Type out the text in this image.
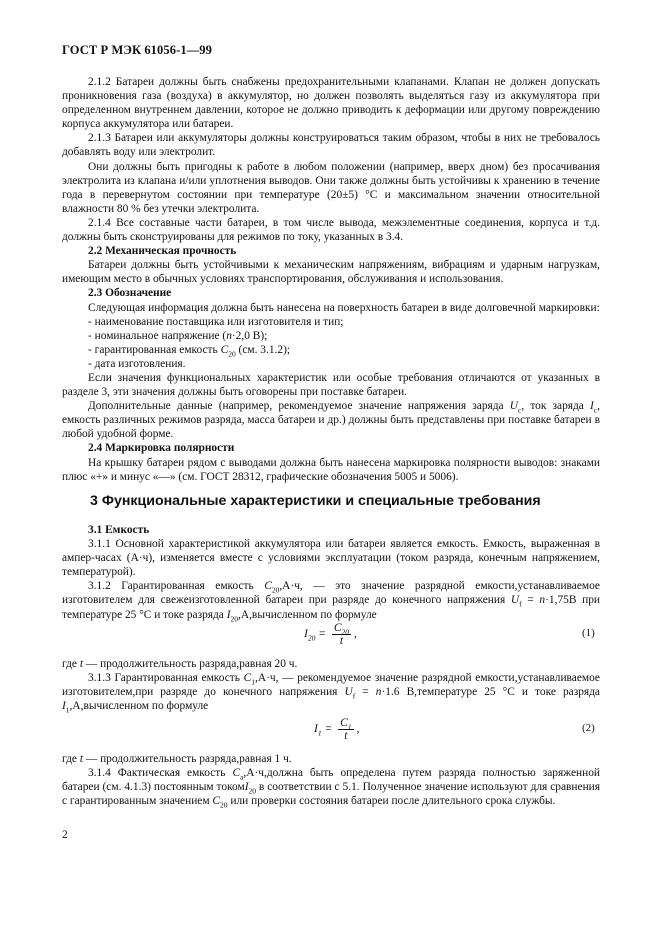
ГОСТ Р МЭК 61056-1—99

2.1.2 Батареи должны быть снабжены предохранительными клапанами. Клапан не должен допускать проникновения газа (воздуха) в аккумулятор, но должен позволять выделяться газу из аккумулятора при определенном внутреннем давлении, которое не должно приводить к деформации или другому повреждению корпуса аккумулятора или батареи.

2.1.3 Батареи или аккумуляторы должны конструироваться таким образом, чтобы в них не требовалось добавлять воду или электролит.

Они должны быть пригодны к работе в любом положении (например, вверх дном) без просачивания электролита из клапана и/или уплотнения выводов. Они также должны быть устойчивы к хранению в течение года в перевернутом состоянии при температуре (20±5) °C и максимальном значении относительной влажности 80 % без утечки электролита.

2.1.4 Все составные части батареи, в том числе вывода, межэлементные соединения, корпуса и т.д. должны быть сконструированы для режимов по току, указанных в 3.4.

2.2 Механическая прочность

Батареи должны быть устойчивыми к механическим напряжениям, вибрациям и ударным нагрузкам, имеющим место в обычных условиях транспортирования, обслуживания и использования.

2.3 Обозначение

Следующая информация должна быть нанесена на поверхность батареи в виде долговечной маркировки:

- наименование поставщика или изготовителя и тип;

- номинальное напряжение (n·2,0 В);

- гарантированная емкость $C_{20}$ (см. 3.1.2);

- дата изготовления.

Если значения функциональных характеристик или особые требования отличаются от указанных в разделе 3, эти значения должны быть оговорены при поставке батареи.

Дополнительные данные (например, рекомендуемое значение напряжения заряда $U_c$, ток заряда $I_c$, емкость различных режимов разряда, масса батареи и др.) должны быть представлены при поставке батареи в любой удобной форме.

2.4 Маркировка полярности

На крышку батареи рядом с выводами должна быть нанесена маркировка полярности выводов: знаками плюс «+» и минус «—» (см. ГОСТ 28312, графические обозначения 5005 и 5006).

3 Функциональные характеристики и специальные требования

3.1 Емкость

3.1.1 Основной характеристикой аккумулятора или батареи является емкость. Емкость, выраженная в ампер-часах (А·ч), изменяется вместе с условиями эксплуатации (током разряда, конечным напряжением, температурой).

3.1.2 Гарантированная емкость $C_{20},А\cdot ч$, — это значение разрядной емкости,устанавливаемое изготовителем для свежеизготовленной батареи при разряде до конечного напряжения $U_f = n\cdot 1,75В$ при температуре 25 °C и токе разряда $I_{20},А,вычисленном$ по формуле

$I_{20} = \frac{C_{20}}{t}$ ,	(1)

где t — продолжительность разряда,равная 20 ч.

3.1.3 Гарантированная емкость $C_1,А\cdot ч$, — рекомендуемое значение разрядной емкости,устанавливаемое изготовителем,при разряде до конечного напряжения $U_f = n\cdot 1.6$ В,температуре 25 °C и токе разряда $I_1,А,вычисленном$ по формуле

$I_1 = \frac{C_1}{t}$ ,	(2)

где t — продолжительность разряда,равная 1 ч.

3.1.4 Фактическая емкость $C_a,А\cdot ч,должна$ быть определена путем разряда полностью заряженной батареи (см. 4.1.3) постоянным токомI$_{20}$ в соответствии с 5.1. Полученное значение используют для сравнения с гарантированным значением $C_{20}$ или проверки состояния батареи после длительного срока службы.

2
